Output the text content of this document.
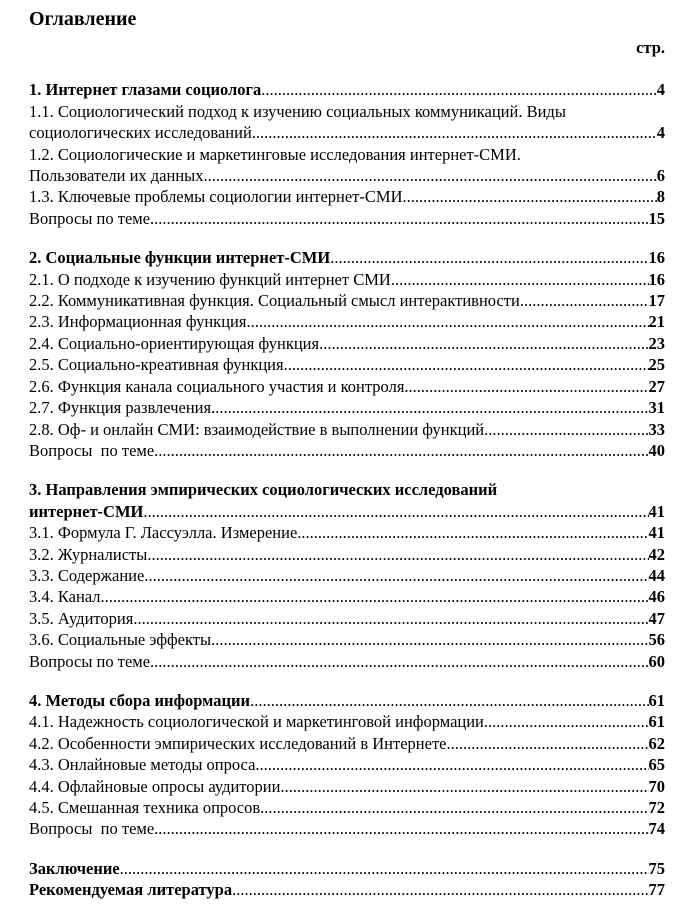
Оглавление
стр.
1. Интернет глазами социолога .....	4
1.1. Социологический подход к изучению социальных коммуникаций. Виды
социологических исследований .....	4
1.2. Социологические и маркетинговые исследования интернет-СМИ.
Пользователи их данных .....	6
1.3. Ключевые проблемы социологии интернет-СМИ .....	8
Вопросы по теме .....	15
2. Социальные функции интернет-СМИ .....	16
2.1. О подходе к изучению функций интернет СМИ .....	16
2.2. Коммуникативная функция. Социальный смысл интерактивности .....	17
2.3. Информационная функция .....	21
2.4. Социально-ориентирующая функция .....	23
2.5. Социально-креативная функция .....	25
2.6. Функция канала социального участия и контроля .....	27
2.7. Функция развлечения .....	31
2.8. Оф- и онлайн СМИ: взаимодействие в выполнении функций .....	33
Вопросы  по теме .....	40
3. Направления эмпирических социологических исследований
интернет-СМИ .....	41
3.1. Формула Г. Лассуэлла. Измерение .....	41
3.2. Журналисты .....	42
3.3. Содержание .....	44
3.4. Канал .....	46
3.5. Аудитория .....	47
3.6. Социальные эффекты .....	56
Вопросы по теме .....	60
4. Методы сбора информации .....	61
4.1. Надежность социологической и маркетинговой информации .....	61
4.2. Особенности эмпирических исследований в Интернете .....	62
4.3. Онлайновые методы опроса .....	65
4.4. Офлайновые опросы аудитории .....	70
4.5. Смешанная техника опросов .....	72
Вопросы  по теме .....	74
Заключение .....	75
Рекомендуемая литература .....	77
